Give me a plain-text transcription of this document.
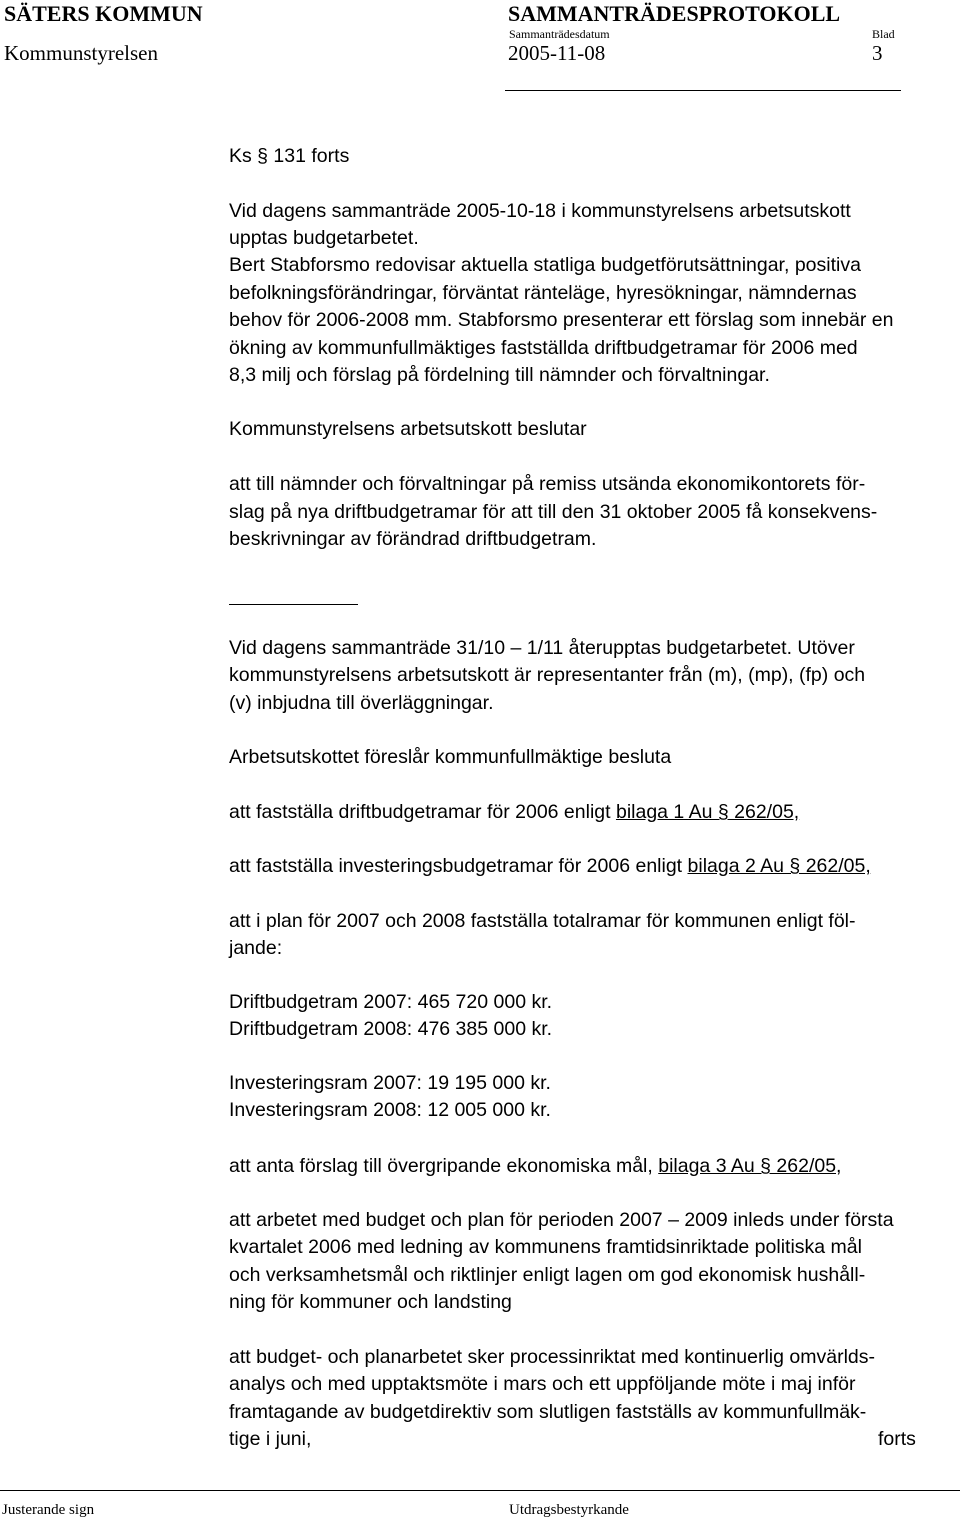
SÄTERS KOMMUN	SAMMANTRÄDESPROTOKOLL
Sammanträdesdatum	Blad
Kommunstyrelsen	2005-11-08	3
Ks § 131 forts
Vid dagens sammanträde 2005-10-18 i kommunstyrelsens arbetsutskott
upptas budgetarbetet.
Bert Stabforsmo redovisar aktuella statliga budgetförutsättningar, positiva
befolkningsförändringar, förväntat ränteläge, hyresökningar, nämndernas
behov för 2006-2008 mm. Stabforsmo presenterar ett förslag som innebär en
ökning av kommunfullmäktiges fastställda driftbudgetramar för 2006 med
8,3 milj och förslag på fördelning till nämnder och förvaltningar.
Kommunstyrelsens arbetsutskott beslutar
att till nämnder och förvaltningar på remiss utsända ekonomikontorets för-
slag på nya driftbudgetramar för att till den 31 oktober 2005 få konsekvens-
beskrivningar av förändrad driftbudgetram.
Vid dagens sammanträde 31/10 – 1/11 återupptas budgetarbetet. Utöver
kommunstyrelsens arbetsutskott är representanter från (m), (mp), (fp) och
(v) inbjudna till överläggningar.
Arbetsutskottet föreslår kommunfullmäktige besluta
att fastställa driftbudgetramar för 2006 enligt bilaga 1 Au § 262/05,
att fastställa investeringsbudgetramar för 2006 enligt bilaga 2 Au § 262/05,
att i plan för 2007 och 2008 fastställa totalramar för kommunen enligt föl-
jande:
Driftbudgetram 2007: 465 720 000 kr.
Driftbudgetram 2008: 476 385 000 kr.
Investeringsram 2007: 19 195 000 kr.
Investeringsram 2008: 12 005 000 kr.
att anta förslag till övergripande ekonomiska mål, bilaga 3 Au § 262/05,
att arbetet med budget och plan för perioden 2007 – 2009 inleds under första
kvartalet 2006 med ledning av kommunens framtidsinriktade politiska mål
och verksamhetsmål och riktlinjer enligt lagen om god ekonomisk hushåll-
ning för kommuner och landsting
att budget- och planarbetet sker processinriktat med kontinuerlig omvärlds-
analys och med upptaktsmöte i mars och ett uppföljande möte i maj inför
framtagande av budgetdirektiv som slutligen fastställs av kommunfullmäk-
tige i juni,	forts
Justerande sign	Utdragsbestyrkande
